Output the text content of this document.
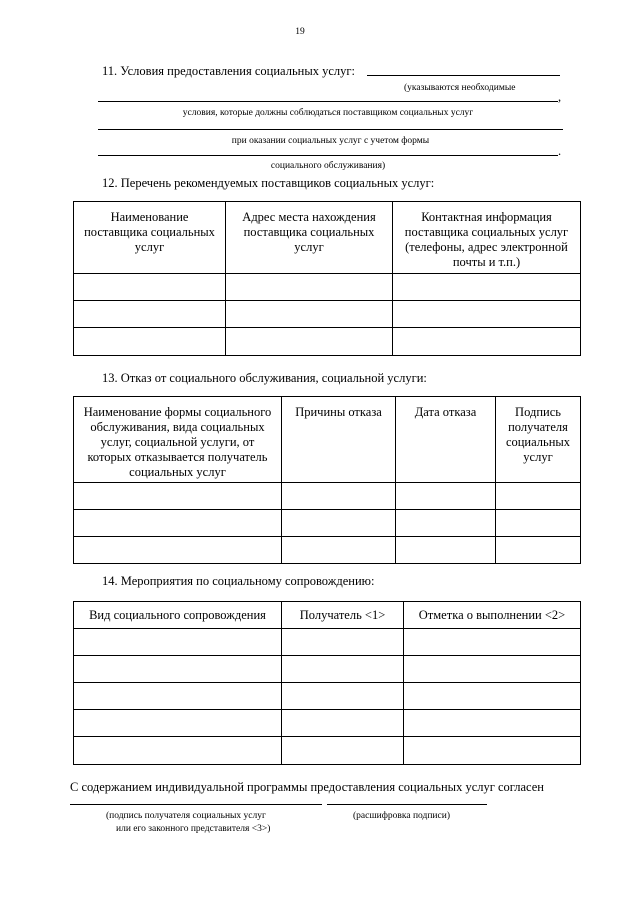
19
11. Условия предоставления социальных услуг:
(указываются необходимые
,
условия, которые должны соблюдаться поставщиком социальных услуг
при оказании социальных услуг с учетом формы
.
социального обслуживания)
12. Перечень рекомендуемых поставщиков социальных услуг:
Наименование поставщика социальных услуг	Адрес места нахождения поставщика социальных услуг	Контактная информация поставщика социальных услуг (телефоны, адрес электронной почты и т.п.)

13. Отказ от социального обслуживания, социальной услуги:
Наименование формы социального обслуживания, вида социальных услуг, социальной услуги, от которых отказывается получатель социальных услуг	Причины отказа	Дата отказа	Подпись получателя социальных услуг

14. Мероприятия по социальному сопровождению:
Вид социального сопровождения	Получатель <1>	Отметка о выполнении <2>

С содержанием индивидуальной программы предоставления социальных услуг согласен
(подпись получателя социальных услуг
или его законного представителя <3>)
(расшифровка подписи)
